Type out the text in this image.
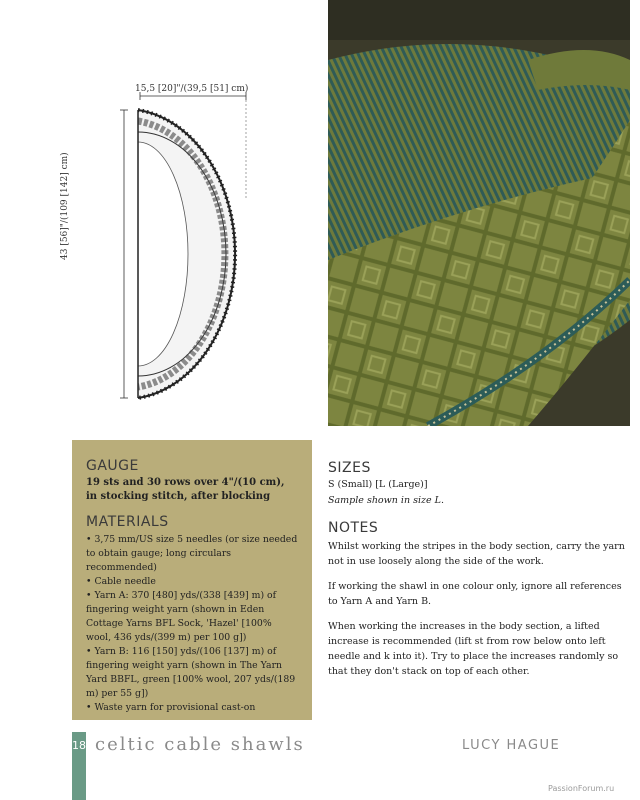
15,5 [20]"/(39,5 [51] cm)
43 [56]"/(109 [142] cm)
GAUGE

19 sts and 30 rows over 4"/(10 cm), in stocking stitch, after blocking

MATERIALS
• 3,75 mm/US size 5 needles (or size needed to obtain gauge; long circulars recommended)
• Cable needle
• Yarn A: 370 [480] yds/(338 [439] m) of fingering weight yarn (shown in Eden Cottage Yarns BFL Sock, 'Hazel' [100% wool, 436 yds/(399 m) per 100 g])
• Yarn B: 116 [150] yds/(106 [137] m) of fingering weight yarn (shown in The Yarn Yard BBFL, green [100% wool, 207 yds/(189 m) per 55 g])
• Waste yarn for provisional cast-on
SIZES

S (Small) [L (Large)]

Sample shown in size L.

NOTES

Whilst working the stripes in the body section, carry the yarn not in use loosely along the side of the work.

If working the shawl in one colour only, ignore all references to Yarn A and Yarn B.

When working the increases in the body section, a lifted increase is recommended (lift st from row below onto left needle and k into it). Try to place the increases randomly so that they don't stack on top of each other.

18 celtic cable shawls	LUCY HAGUE
PassionForum.ru
